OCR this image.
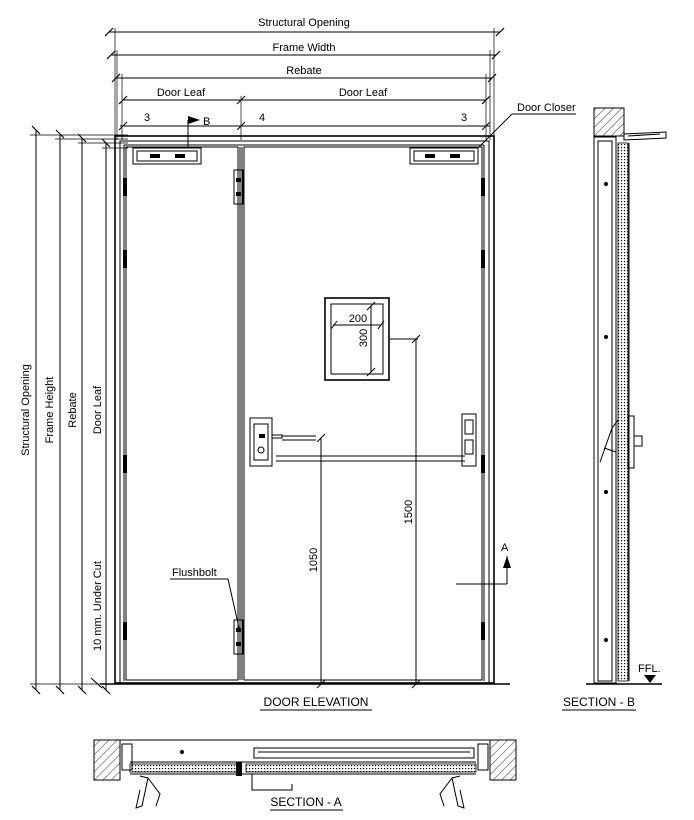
Structural Opening
Frame Width
Rebate
Door Leaf	Door Leaf
3	4	3
B
Structural Opening Frame Height Rebate Door Leaf
10 mm. Under Cut
Door Closer
Flushbolt
200
300
1050
1500
A
DOOR ELEVATION
FFL.
SECTION - B
SECTION - A
